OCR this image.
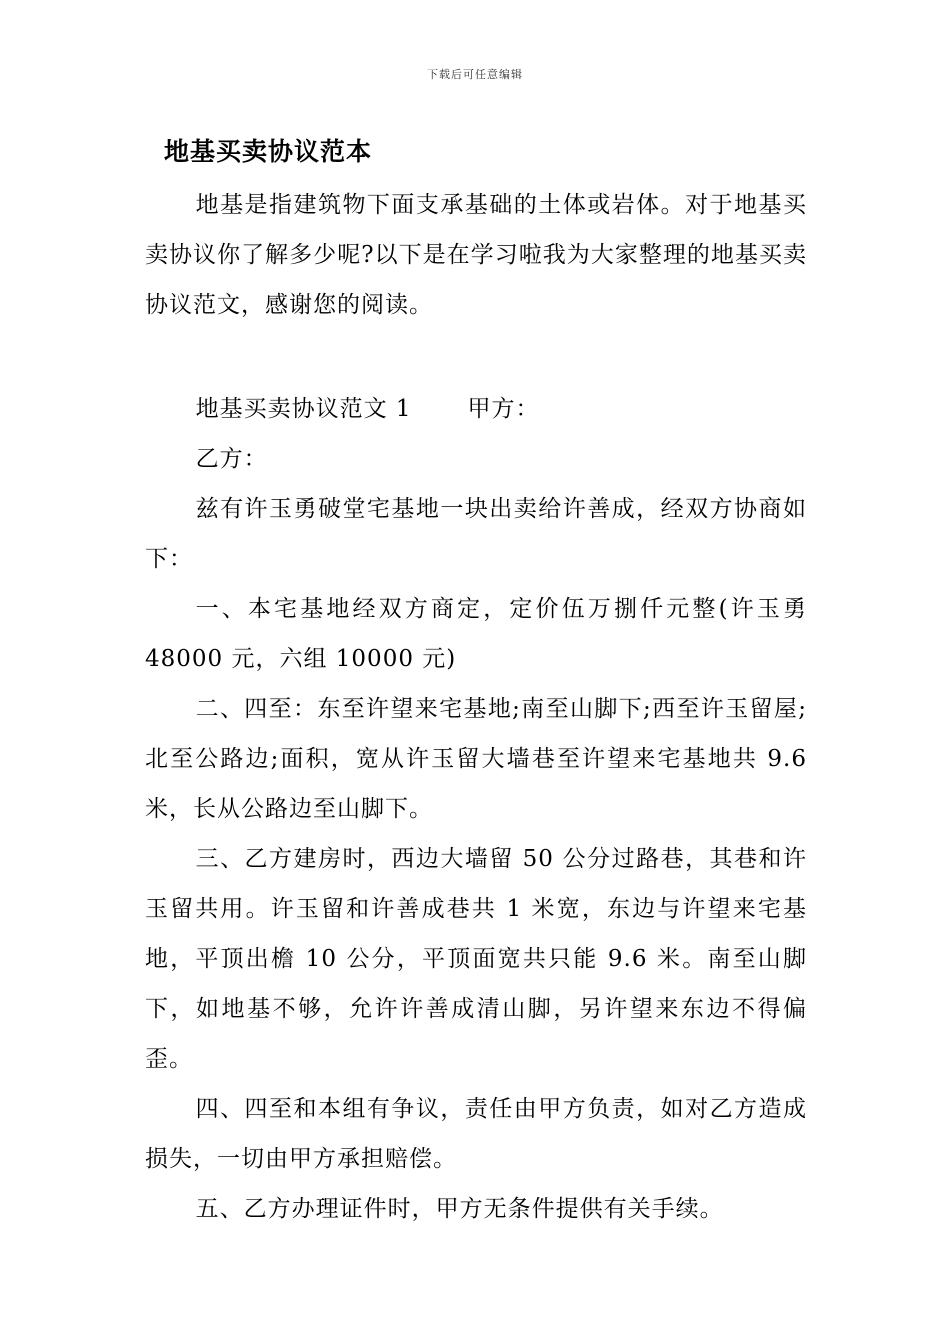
下载后可任意编辑
地基买卖协议范本

地基是指建筑物下面支承基础的土体或岩体。对于地基买卖协议你了解多少呢?以下是在学习啦我为大家整理的地基买卖协议范文，感谢您的阅读。

地基买卖协议范文 1 甲方：

乙方：

兹有许玉勇破堂宅基地一块出卖给许善成，经双方协商如下：

一、本宅基地经双方商定，定价伍万捌仟元整(许玉勇 48000 元，六组 10000 元)

二、四至：东至许望来宅基地;南至山脚下;西至许玉留屋;北至公路边;面积，宽从许玉留大墙巷至许望来宅基地共 9.6 米，长从公路边至山脚下。

三、乙方建房时，西边大墙留 50 公分过路巷，其巷和许玉留共用。许玉留和许善成巷共 1 米宽，东边与许望来宅基地，平顶出檐 10 公分，平顶面宽共只能 9.6 米。南至山脚下，如地基不够，允许许善成清山脚，另许望来东边不得偏歪。

四、四至和本组有争议，责任由甲方负责，如对乙方造成损失，一切由甲方承担赔偿。

五、乙方办理证件时，甲方无条件提供有关手续。
